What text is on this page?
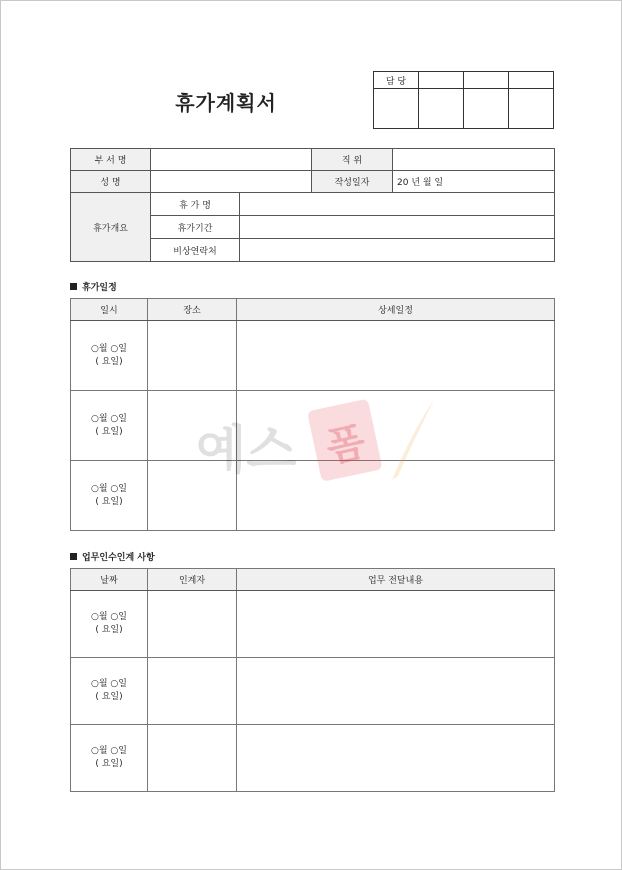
휴가계획서
담 당			

부 서 명			직 위	
성 명			작성일자	20 년 월 일
휴가개요	휴 가 명			
	휴가기간			
	비상연락처			
휴가일정
일시	장소	상세일정

○월 ○일
( 요일)		

○월 ○일
( 요일)		

○월 ○일
( 요일)		

업무인수인계 사항
날짜	인계자	업무 전달내용

○월 ○일
( 요일)		

○월 ○일
( 요일)		

○월 ○일
( 요일)		

예스 폼
